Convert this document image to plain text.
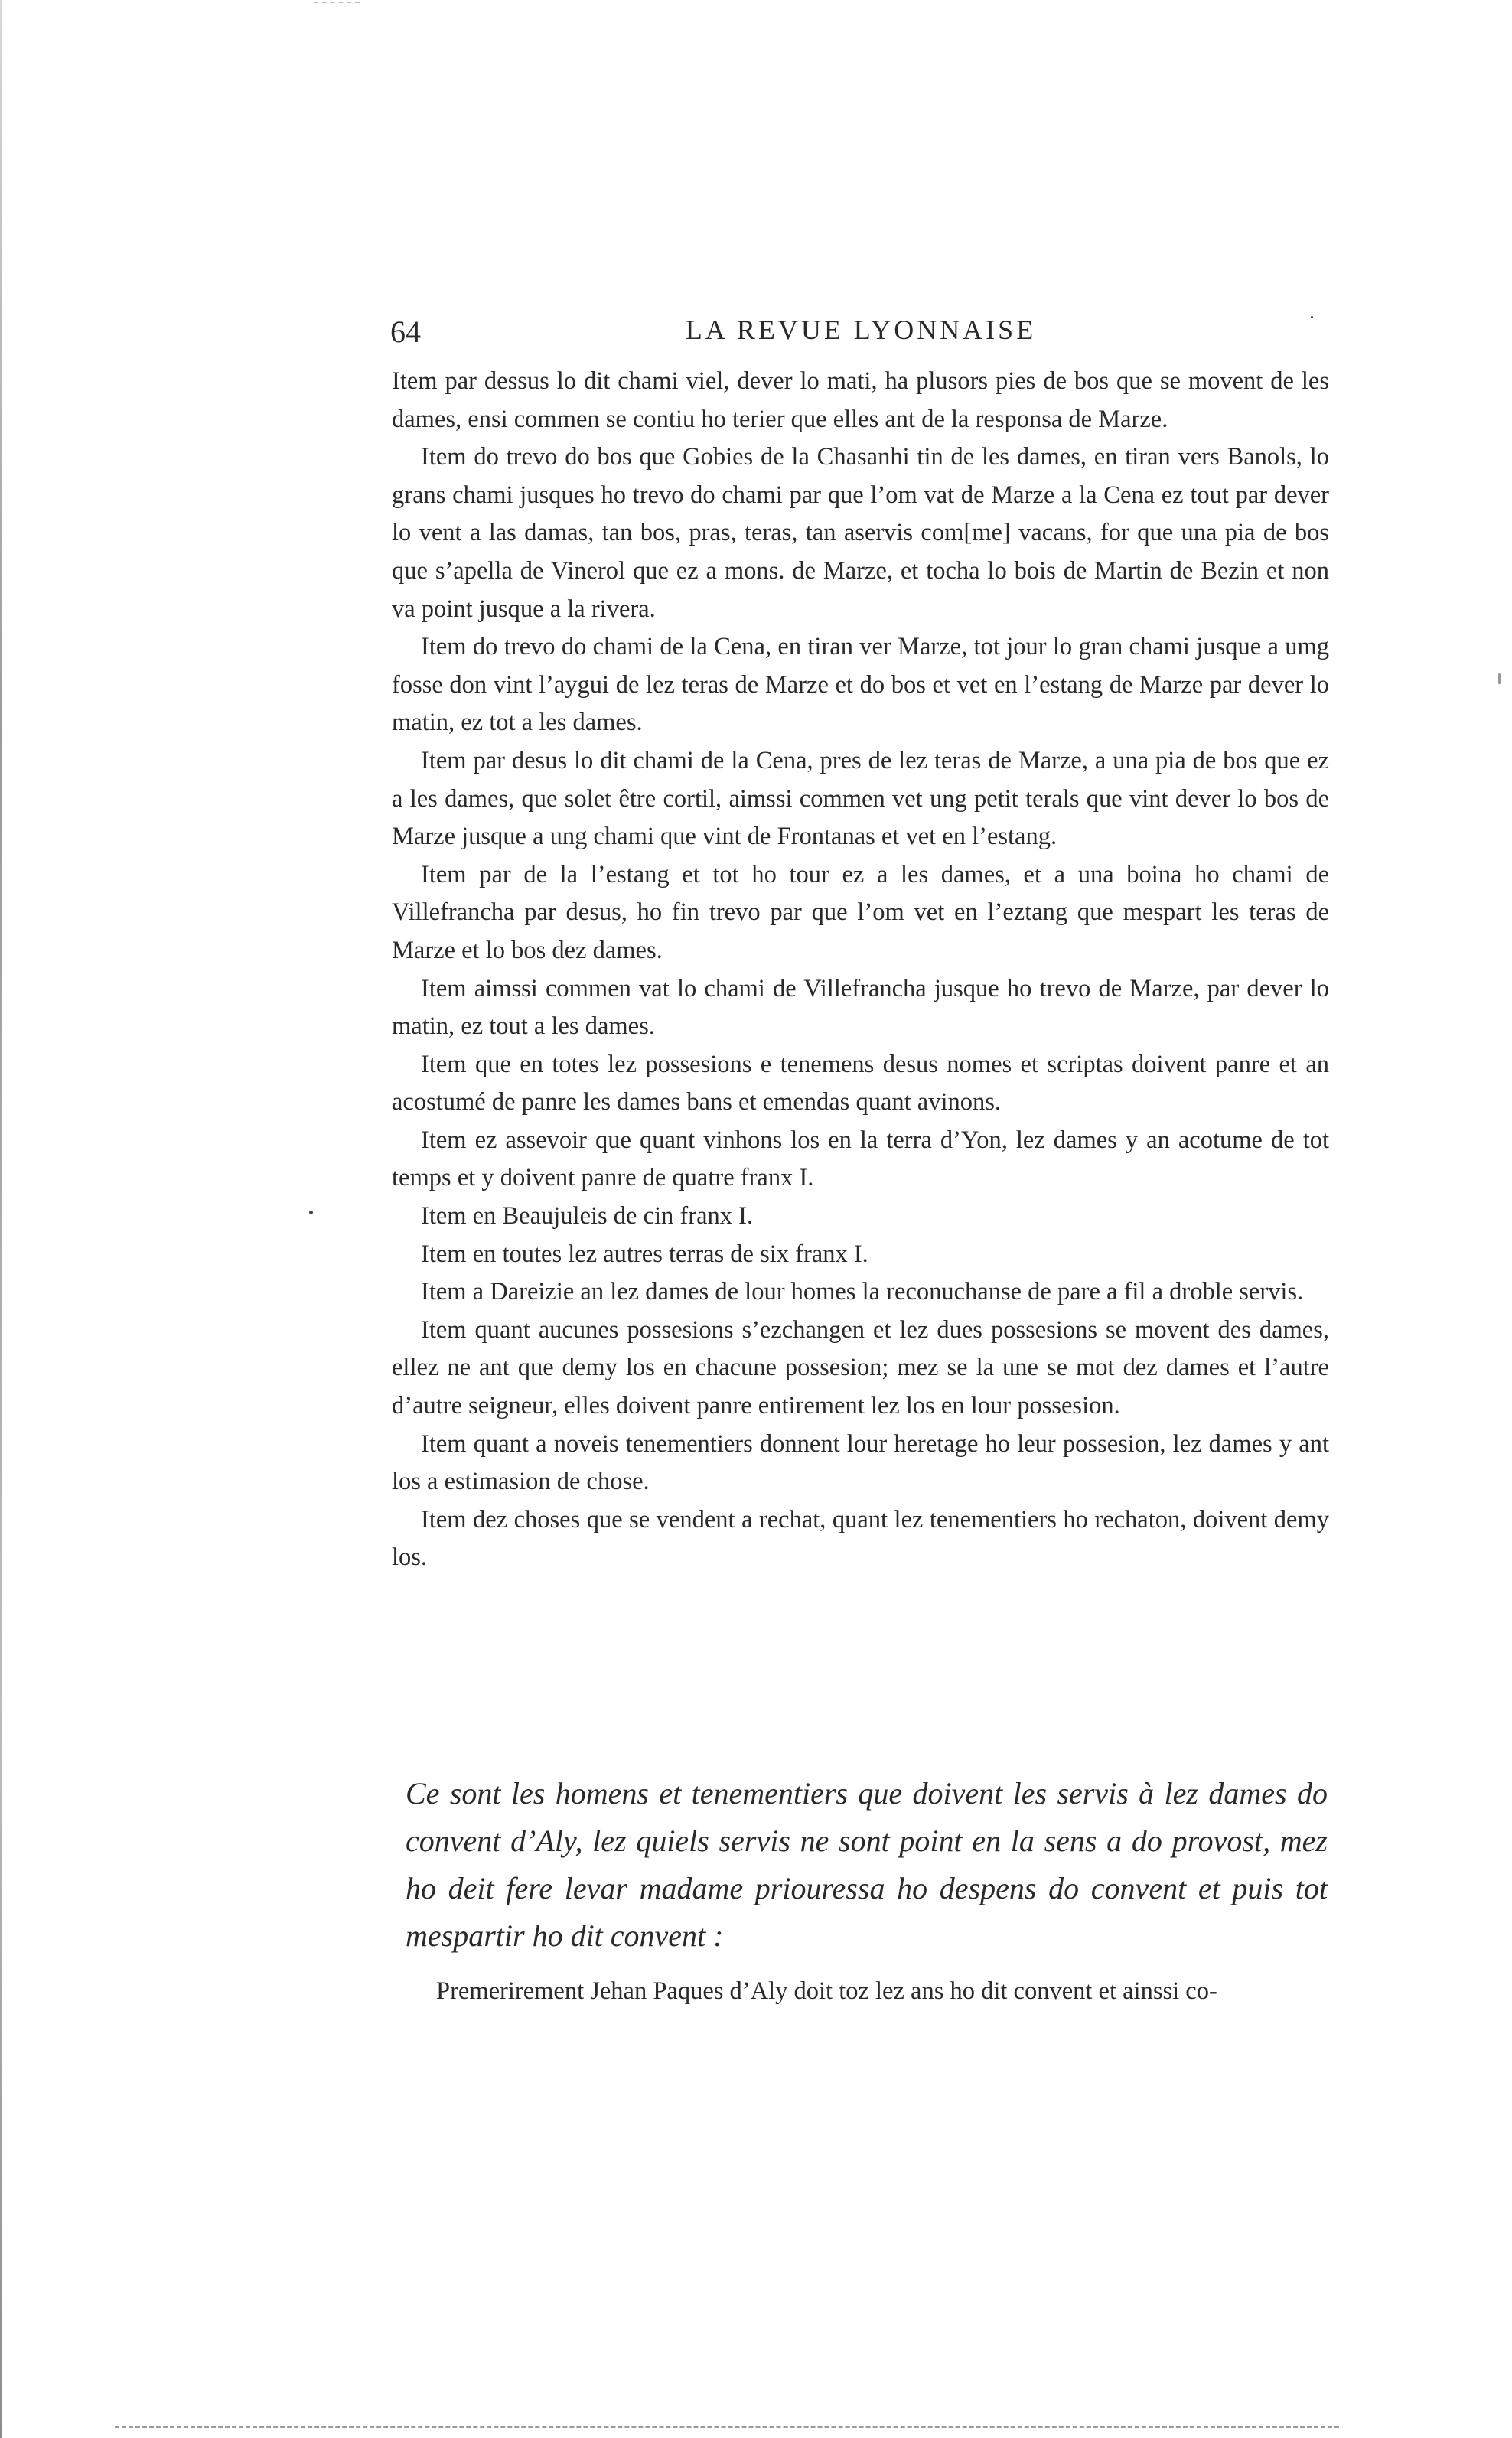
64	LA REVUE LYONNAISE

Item par dessus lo dit chami viel, dever lo mati, ha plusors pies de bos que se movent de les dames, ensi commen se contiu ho terier que elles ant de la responsa de Marze.

Item do trevo do bos que Gobies de la Chasanhi tin de les dames, en tiran vers Banols, lo grans chami jusques ho trevo do chami par que l’om vat de Marze a la Cena ez tout par dever lo vent a las damas, tan bos, pras, teras, tan aservis com[me] vacans, for que una pia de bos que s’apella de Vinerol que ez a mons. de Marze, et tocha lo bois de Martin de Bezin et non va point jusque a la rivera.

Item do trevo do chami de la Cena, en tiran ver Marze, tot jour lo gran chami jusque a umg fosse don vint l’aygui de lez teras de Marze et do bos et vet en l’estang de Marze par dever lo matin, ez tot a les dames.

Item par desus lo dit chami de la Cena, pres de lez teras de Marze, a una pia de bos que ez a les dames, que solet être cortil, aimssi commen vet ung petit terals que vint dever lo bos de Marze jusque a ung chami que vint de Frontanas et vet en l’estang.

Item par de la l’estang et tot ho tour ez a les dames, et a una boina ho chami de Villefrancha par desus, ho fin trevo par que l’om vet en l’eztang que mespart les teras de Marze et lo bos dez dames.

Item aimssi commen vat lo chami de Villefrancha jusque ho trevo de Marze, par dever lo matin, ez tout a les dames.

Item que en totes lez possesions e tenemens desus nomes et scriptas doivent panre et an acostumé de panre les dames bans et emendas quant avinons.

Item ez assevoir que quant vinhons los en la terra d’Yon, lez dames y an acotume de tot temps et y doivent panre de quatre franx I.

Item en Beaujuleis de cin franx I.

Item en toutes lez autres terras de six franx I.

Item a Dareizie an lez dames de lour homes la reconuchanse de pare a fil a droble servis.

Item quant aucunes possesions s’ezchangen et lez dues possesions se movent des dames, ellez ne ant que demy los en chacune possesion; mez se la une se mot dez dames et l’autre d’autre seigneur, elles doivent panre entirement lez los en lour possesion.

Item quant a noveis tenementiers donnent lour heretage ho leur possesion, lez dames y ant los a estimasion de chose.

Item dez choses que se vendent a rechat, quant lez tenementiers ho rechaton, doivent demy los.

Ce sont les homens et tenementiers que doivent les servis à lez dames do convent d’Aly, lez quiels servis ne sont point en la sens a do provost, mez ho deit fere levar madame priouressa ho despens do convent et puis tot mespartir ho dit convent :
Premerirement Jehan Paques d’Aly doit toz lez ans ho dit convent et ainssi co-
